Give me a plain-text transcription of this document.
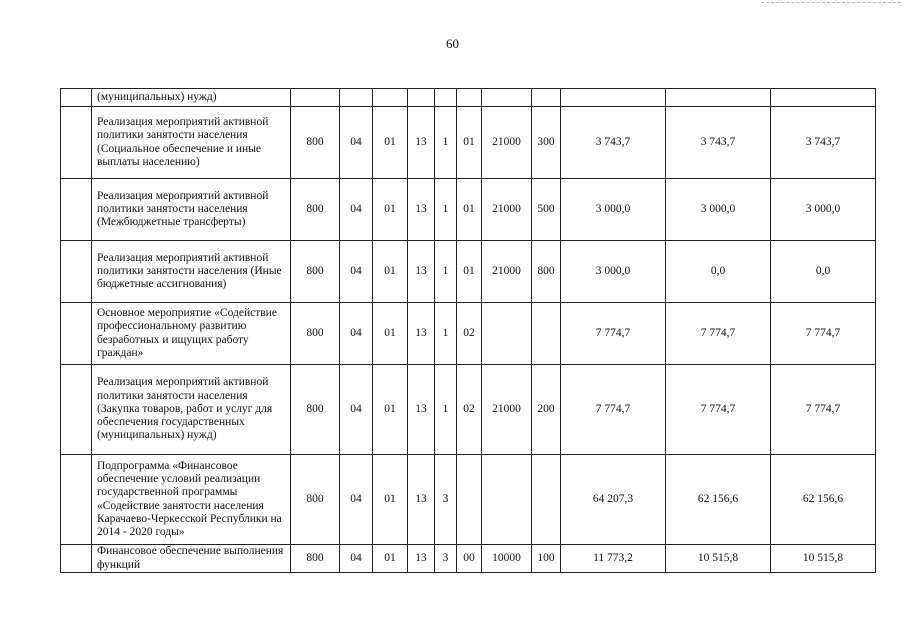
60
	(муниципальных) нужд)											
	Реализация мероприятий активной политики занятости населения (Социальное обеспечение и иные выплаты населению)	800	04	01	13	1	01	21000	300	3 743,7	3 743,7	3 743,7
	Реализация мероприятий активной политики занятости населения (Межбюджетные трансферты)	800	04	01	13	1	01	21000	500	3 000,0	3 000,0	3 000,0
	Реализация мероприятий активной политики занятости населения (Иные бюджетные ассигнования)	800	04	01	13	1	01	21000	800	3 000,0	0,0	0,0
	Основное мероприятие «Содействие профессиональному развитию безработных и ищущих работу граждан»	800	04	01	13	1	02			7 774,7	7 774,7	7 774,7
	Реализация мероприятий активной политики занятости населения (Закупка товаров, работ и услуг для обеспечения государственных (муниципальных) нужд)	800	04	01	13	1	02	21000	200	7 774,7	7 774,7	7 774,7
	Подпрограмма «Финансовое обеспечение условий реализации государственной программы «Содействие занятости населения Карачаево-Черкесской Республики на 2014 - 2020 годы»	800	04	01	13	3				64 207,3	62 156,6	62 156,6
	Финансовое обеспечение выполнения функций	800	04	01	13	3	00	10000	100	11 773,2	10 515,8	10 515,8
